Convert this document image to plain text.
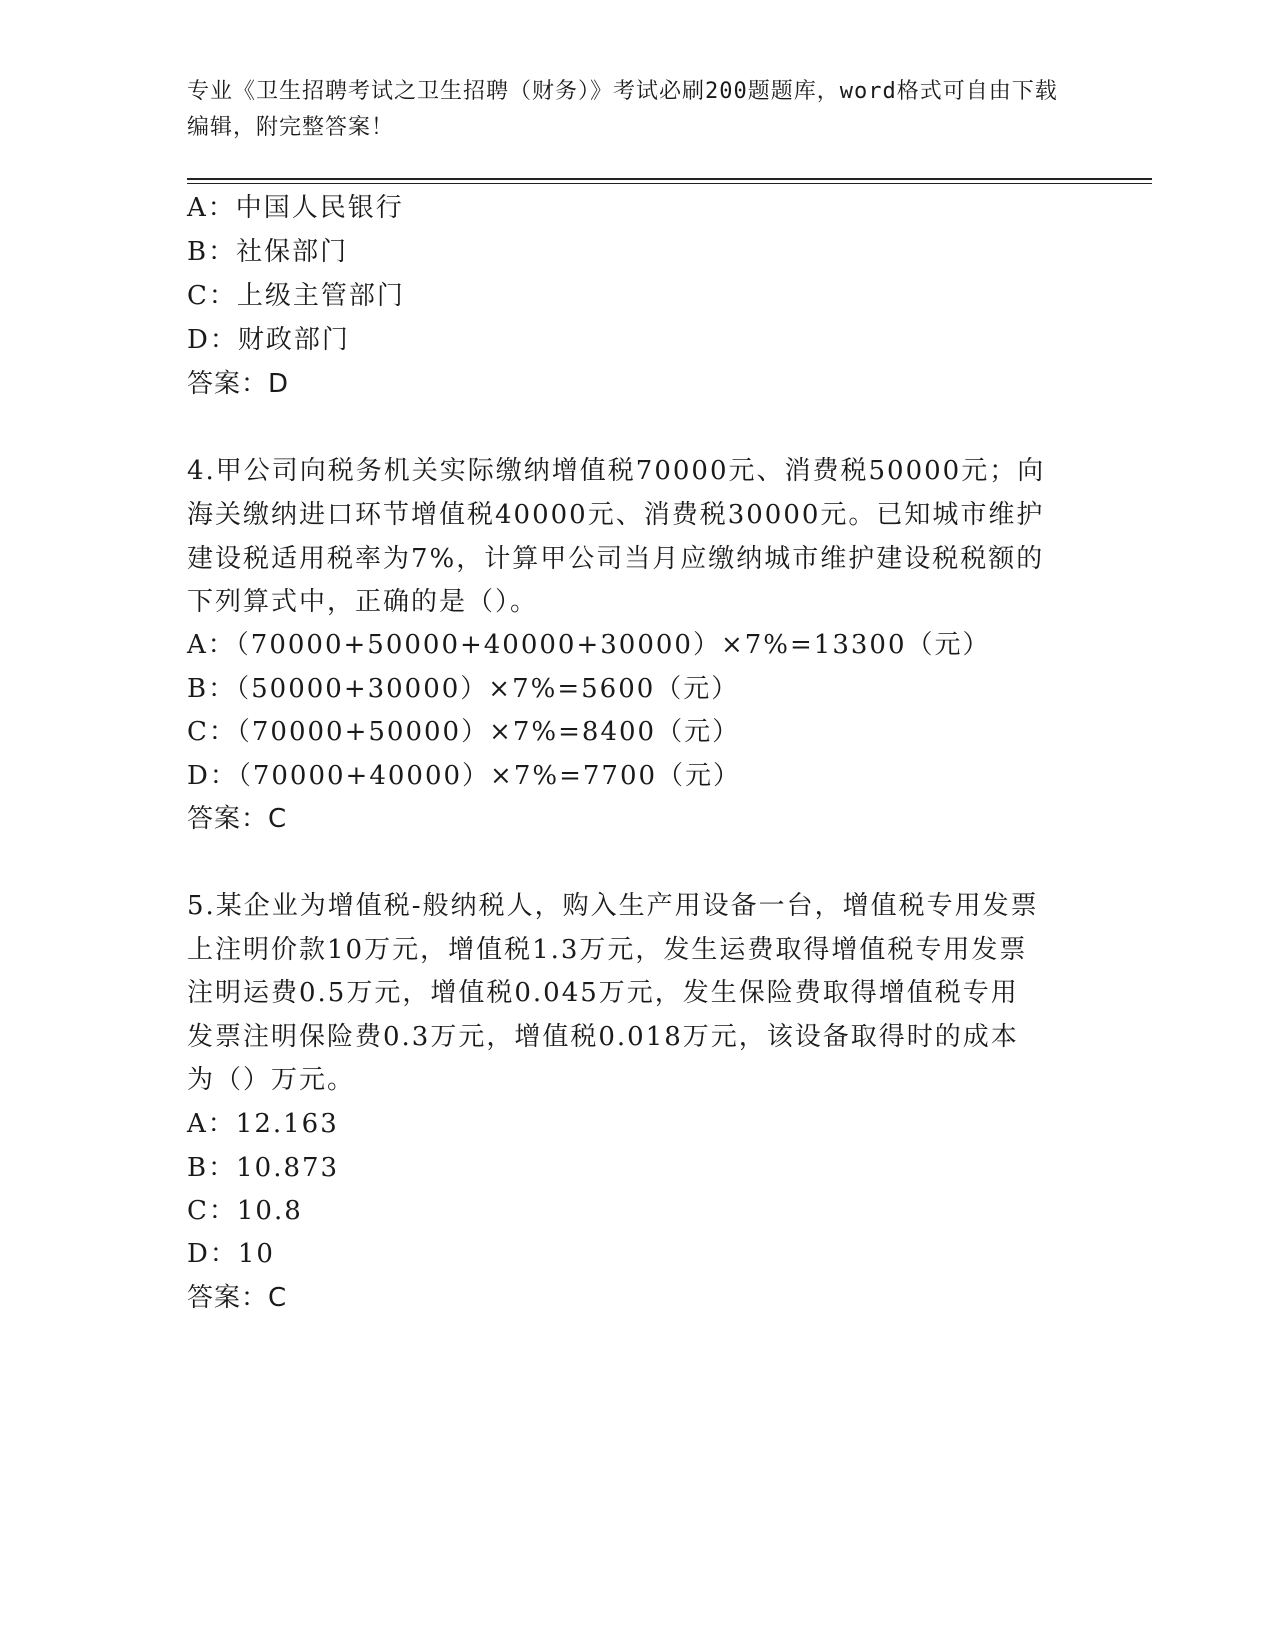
专业《卫生招聘考试之卫生招聘（财务）》考试必刷200题题库，word格式可自由下载编辑，附完整答案！
A：中国人民银行
B：社保部门
C：上级主管部门
D：财政部门
答案：D
4.甲公司向税务机关实际缴纳增值税70000元、消费税50000元；向
海关缴纳进口环节增值税40000元、消费税30000元。已知城市维护
建设税适用税率为7%，计算甲公司当月应缴纳城市维护建设税税额的
下列算式中，正确的是（）。
A：（70000+50000+40000+30000）×7%=13300（元）
B：（50000+30000）×7%=5600（元）
C：（70000+50000）×7%=8400（元）
D：（70000+40000）×7%=7700（元）
答案：C
5.某企业为增值税-般纳税人，购入生产用设备一台，增值税专用发票
上注明价款10万元，增值税1.3万元，发生运费取得增值税专用发票
注明运费0.5万元，增值税0.045万元，发生保险费取得增值税专用
发票注明保险费0.3万元，增值税0.018万元，该设备取得时的成本
为（）万元。
A：12.163
B：10.873
C：10.8
D：10
答案：C
